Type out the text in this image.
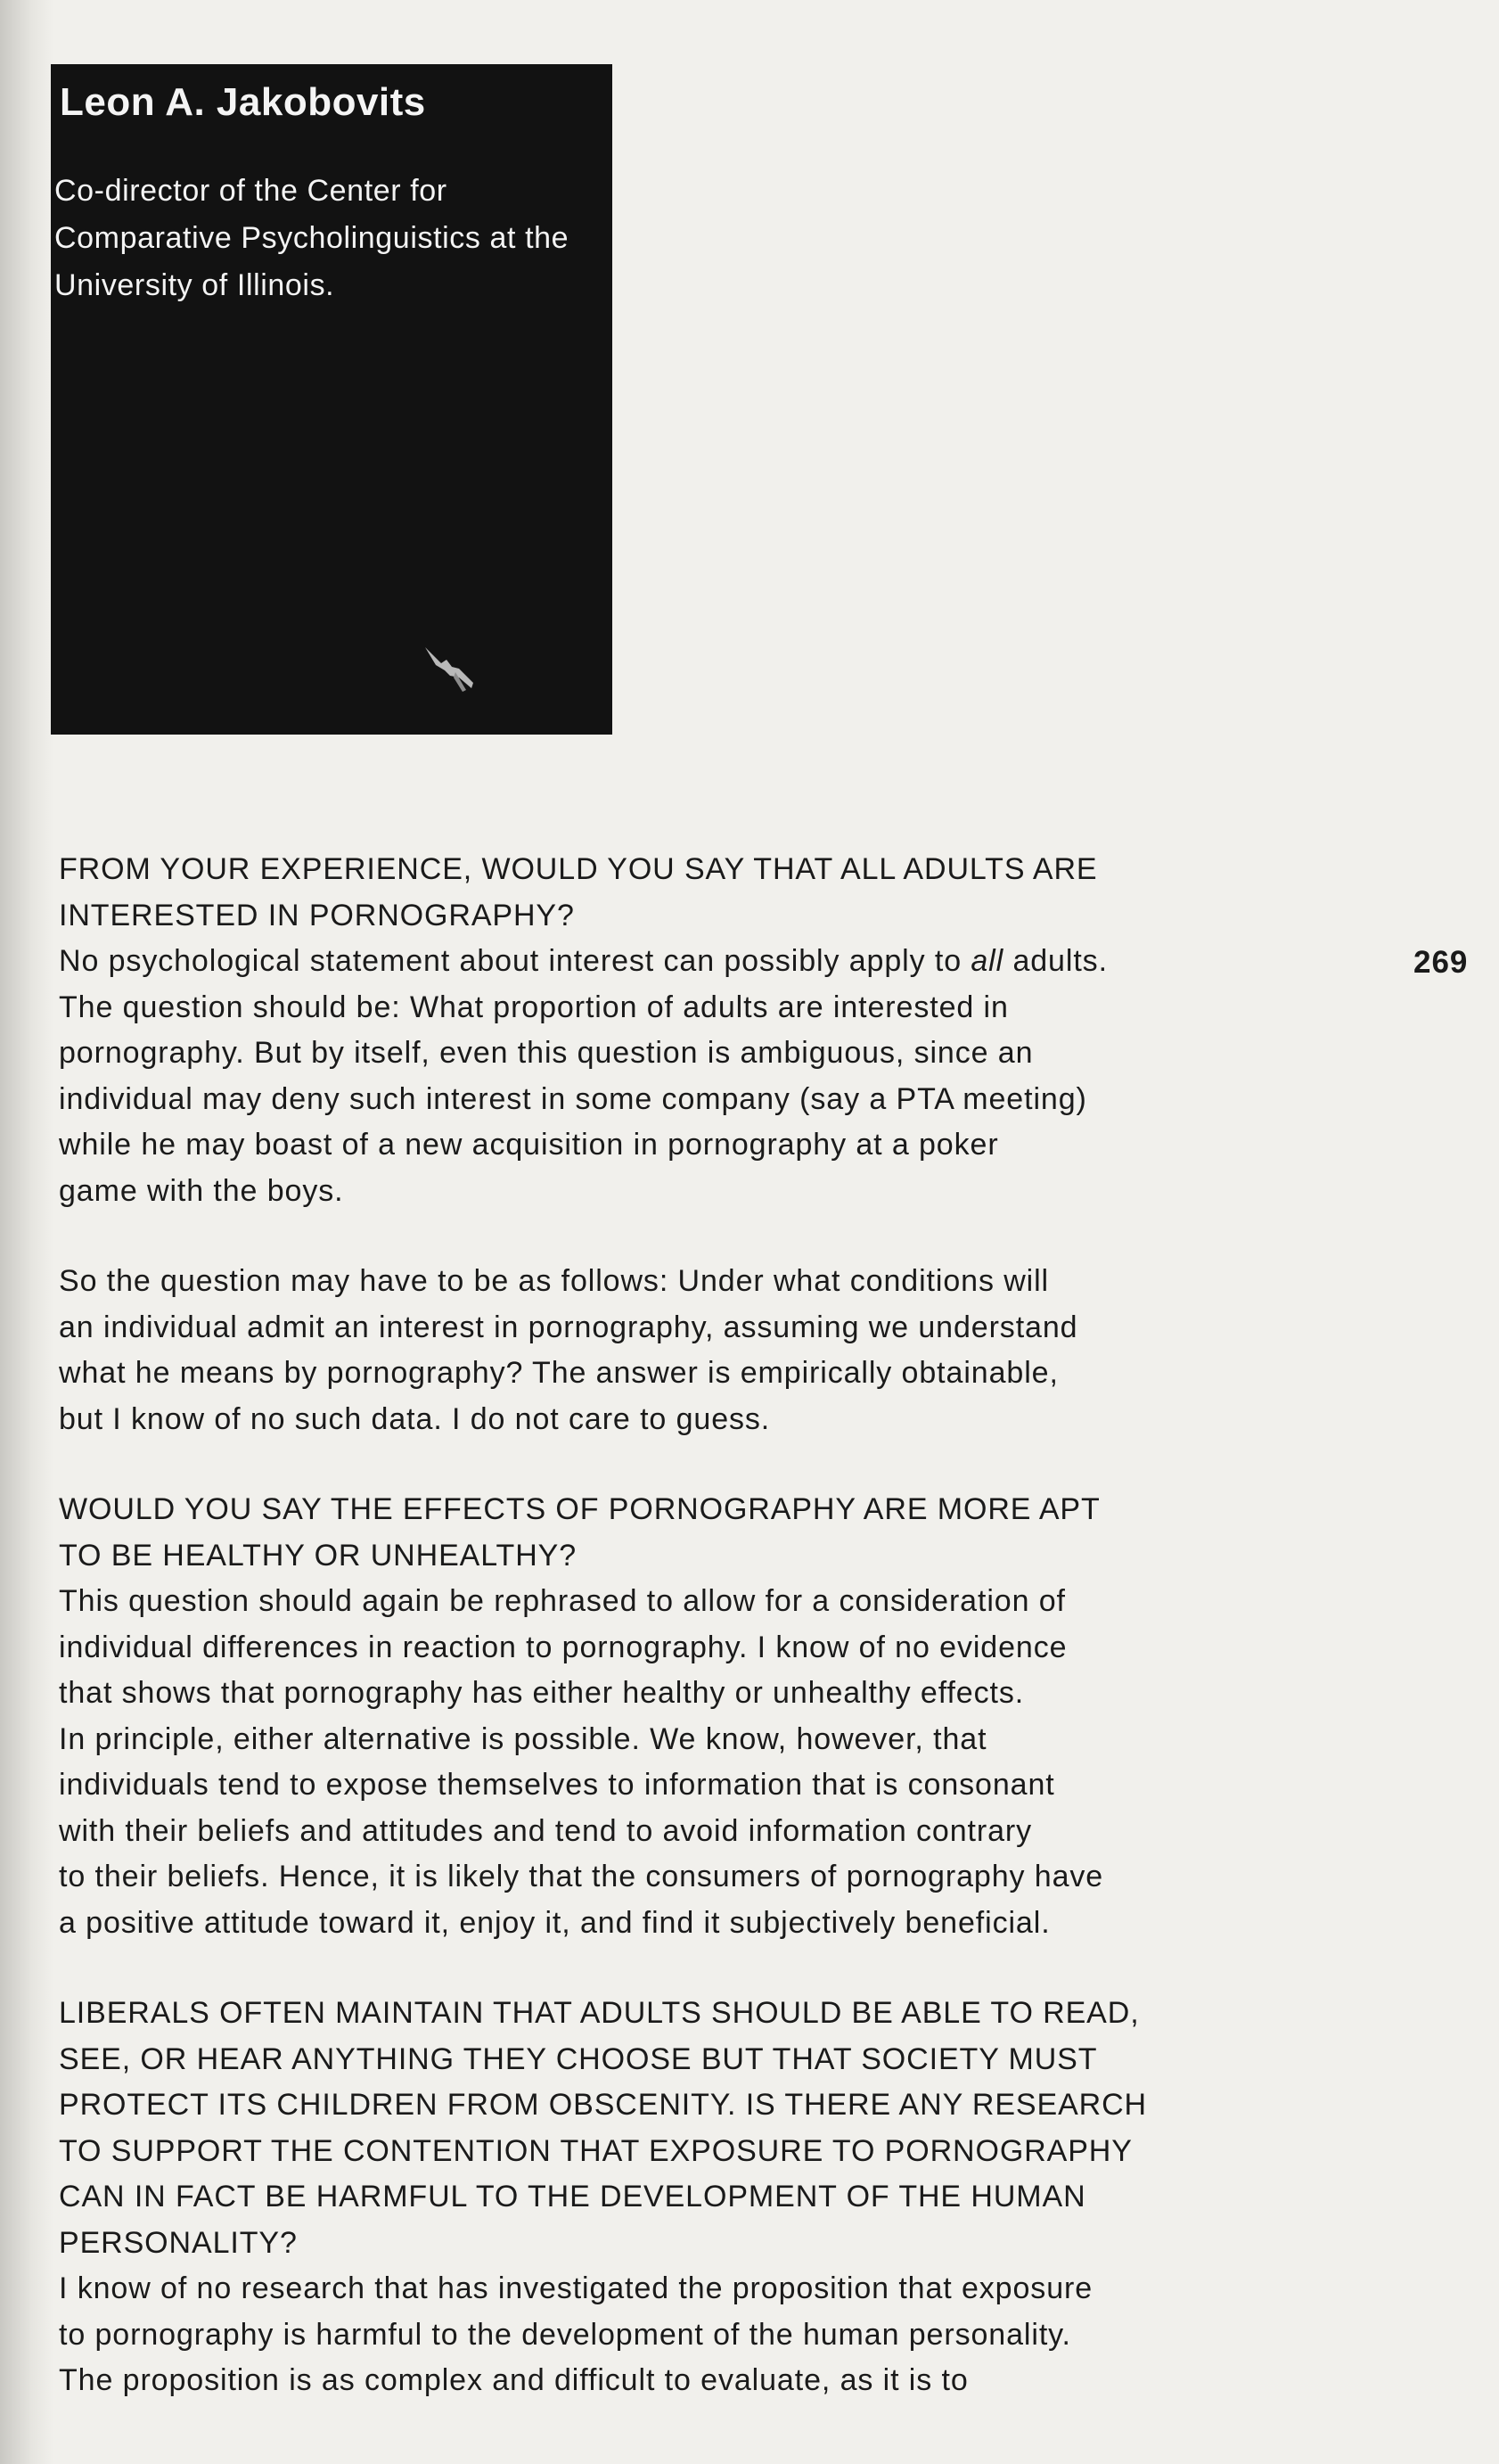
Leon A. Jakobovits
Co-director of the Center for
Comparative Psycholinguistics at the
University of Illinois.
269
FROM YOUR EXPERIENCE, WOULD YOU SAY THAT ALL ADULTS ARE
INTERESTED IN PORNOGRAPHY?
No psychological statement about interest can possibly apply to all adults.
The question should be: What proportion of adults are interested in
pornography. But by itself, even this question is ambiguous, since an
individual may deny such interest in some company (say a PTA meeting)
while he may boast of a new acquisition in pornography at a poker
game with the boys.
So the question may have to be as follows: Under what conditions will
an individual admit an interest in pornography, assuming we understand
what he means by pornography? The answer is empirically obtainable,
but I know of no such data. I do not care to guess.
WOULD YOU SAY THE EFFECTS OF PORNOGRAPHY ARE MORE APT
TO BE HEALTHY OR UNHEALTHY?
This question should again be rephrased to allow for a consideration of
individual differences in reaction to pornography. I know of no evidence
that shows that pornography has either healthy or unhealthy effects.
In principle, either alternative is possible. We know, however, that
individuals tend to expose themselves to information that is consonant
with their beliefs and attitudes and tend to avoid information contrary
to their beliefs. Hence, it is likely that the consumers of pornography have
a positive attitude toward it, enjoy it, and find it subjectively beneficial.
LIBERALS OFTEN MAINTAIN THAT ADULTS SHOULD BE ABLE TO READ,
SEE, OR HEAR ANYTHING THEY CHOOSE BUT THAT SOCIETY MUST
PROTECT ITS CHILDREN FROM OBSCENITY. IS THERE ANY RESEARCH
TO SUPPORT THE CONTENTION THAT EXPOSURE TO PORNOGRAPHY
CAN IN FACT BE HARMFUL TO THE DEVELOPMENT OF THE HUMAN
PERSONALITY?
I know of no research that has investigated the proposition that exposure
to pornography is harmful to the development of the human personality.
The proposition is as complex and difficult to evaluate, as it is to
